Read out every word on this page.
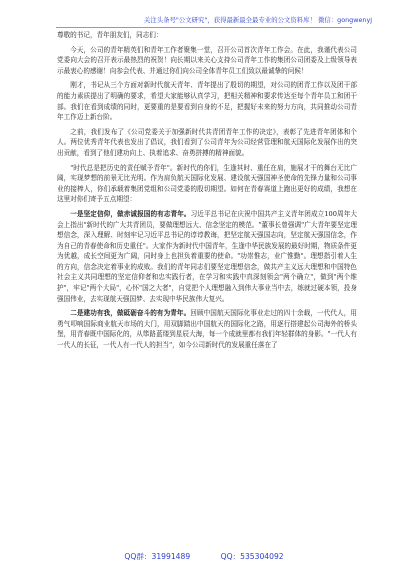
关注头条号"公文研究"，获得最新最全最专业的公文资料库！ 微信：gongwenyj

尊敬的书记，青年朋友们，同志们：

今天，公司的青年精英们和青年工作者聚集一堂，召开公司首次青年工作会。在此，我谨代表公司党委向大会的召开表示最热烈的祝贺！向长期以来关心支持公司青年工作的集团公司团委及上级领导表示最衷心的感谢！向参会代表、并通过你们向公司全体青年员工们致以最诚挚的问候！

刚才，书记从三个方面对新时代航天青年、青年提出了殷切的期望，对公司的团青工作以及团干部的能力素质提出了明确的要求，希望大家能够认真学习，把相关精神和要求传达至每个青年员工和团干部。我们在看到成绩的同时，更要重的是要看到自身的不足，把握好未来的努力方向，共同推动公司青年工作迈上新台阶。

之前，我们发布了《公司党委关于加强新时代共青团青年工作的决定》，表彰了先进青年团体和个人。两位优秀青年代表也发出了倡议，我们看到了公司青年为公司经营管理和航天国际化发展作出的突出贡献，看到了他们建功向上、执着追求、奋勇拼搏的精神面貌。

"时代总是把历史的责任赋予青年"。新时代的你们，生逢其时、重任在肩，施展才干的舞台无比广阔，实现梦想的前景无比光明。作为肩负航天国际化发展、建设航天强国神圣使命的先锋力量和公司事业的接棒人，你们承载着集团党组和公司党委的殷切期望。如何在青春赛道上跑出更好的成绩，我想在这里对你们寄予五点期望：

一是坚定信仰，做赤诚报国的有志青年。习近平总书记在庆祝中国共产主义青年团成立100周年大会上指出"新时代的广大共青团员，要做理想远大、信念坚定的模范。"董事长曾强调"广大青年要坚定理想信念，深入理解、时刻牢记习近平总书记的谆谆教诲，把坚定航天强国志向，坚定航天强国信念，作为自己的青春使命和历史重任"。大家作为新时代中国青年，生逢中华民族发展的最好时期，物质条件更为优越，成长空间更为广阔，同时身上也担负着重要的使命。"功崇惟志，业广惟勤"。理想指引着人生的方向，信念决定着事业的成败。我们的青年同志们要坚定理想信念，做共产主义远大理想和中国特色社会主义共同理想的坚定信仰者和忠实践行者，在学习和实践中真深刻领会"两个确立"，做到"两个维护"，牢记"两个大局"，心怀"国之大者"，自觉把个人理想融入到伟大事业当中去，练就过硬本领，投身强国伟业，去实现航天强国梦、去实现中华民族伟大复兴。

二是建功有我，做砥砺奋斗的有为青年。回顾中国航天国际化事业走过的四十余载，一代代人，用勇气叩响国际商业航天市场的大门，用双脚踏出中国航天的国际化之路，用逐行搭建起公司海外的桥头堡，用青春既中国际化的，从筚路蓝缕到星辰大海，每一个成就里都有我们年轻群体的身影。"一代人有一代人的长征，一代人有一代人的担当"，如今公司新时代的发展重任落在了

QQ群：31991489	QQ：535304092
